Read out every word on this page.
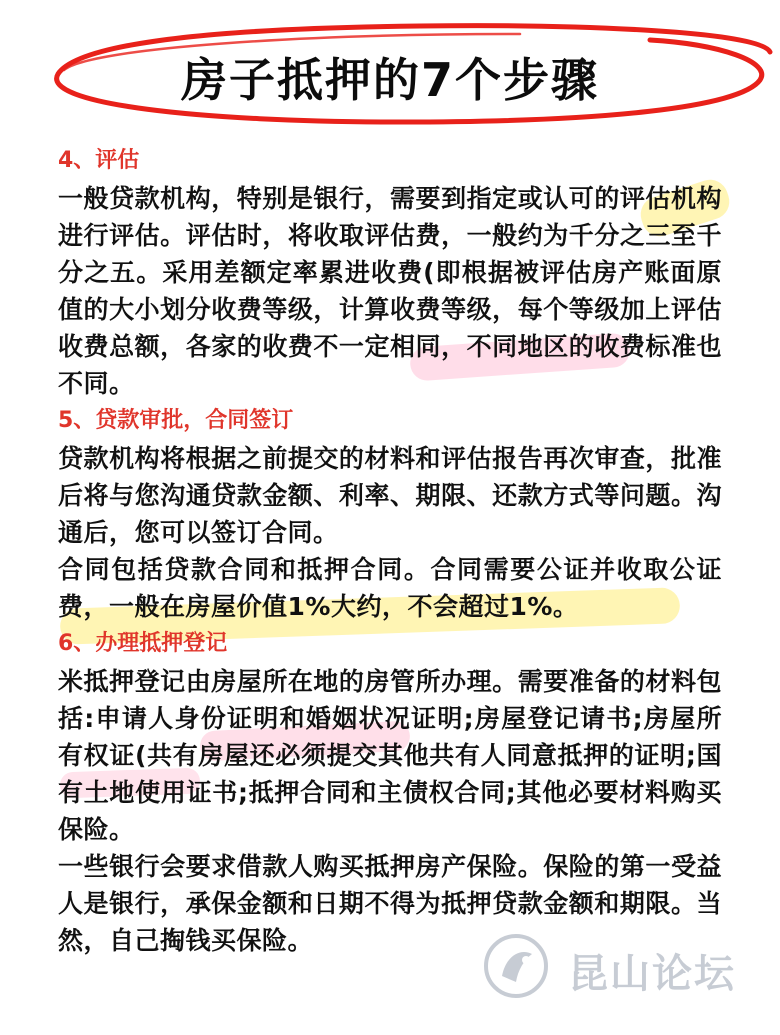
房子抵押的7个步骤
4、评估

一般贷款机构，特别是银行，需要到指定或认可的评估机构进行评估。评估时，将收取评估费，一般约为千分之三至千分之五。采用差额定率累进收费(即根据被评估房产账面原值的大小划分收费等级，计算收费等级，每个等级加上评估收费总额，各家的收费不一定相同，不同地区的收费标准也不同。

5、贷款审批，合同签订

贷款机构将根据之前提交的材料和评估报告再次审查，批准后将与您沟通贷款金额、利率、期限、还款方式等问题。沟通后，您可以签订合同。

合同包括贷款合同和抵押合同。合同需要公证并收取公证费，一般在房屋价值1%大约，不会超过1%。

6、办理抵押登记

米抵押登记由房屋所在地的房管所办理。需要准备的材料包括:申请人身份证明和婚姻状况证明;房屋登记请书;房屋所有权证(共有房屋还必须提交其他共有人同意抵押的证明;国有土地使用证书;抵押合同和主债权合同;其他必要材料购买保险。

一些银行会要求借款人购买抵押房产保险。保险的第一受益人是银行，承保金额和日期不得为抵押贷款金额和期限。当然，自己掏钱买保险。

昆山论坛
